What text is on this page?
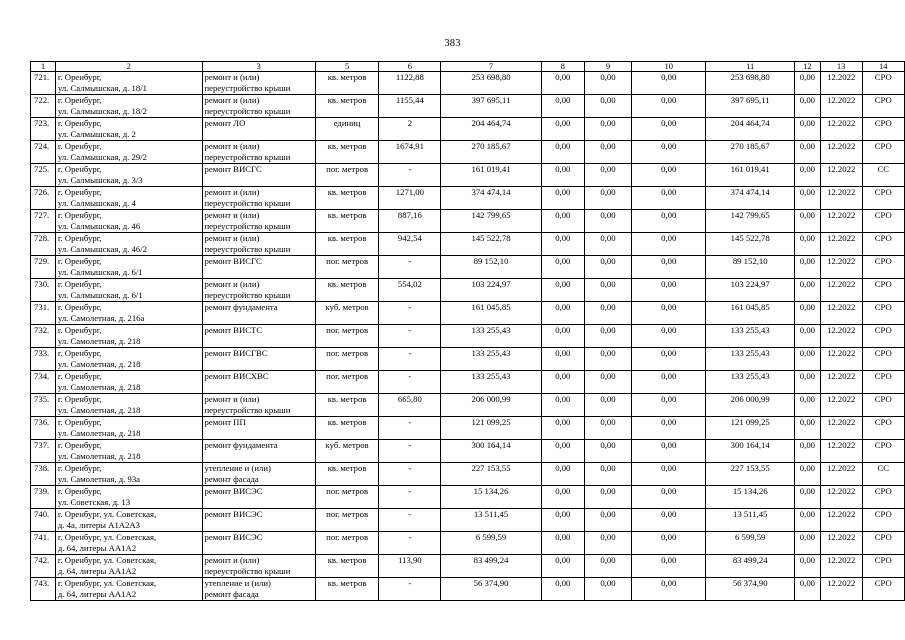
383
1	2	3	5	6	7	8	9	10	11	12	13	14
721.	г. Оренбург,
ул. Салмышская, д. 18/1	ремонт и (или)
переустройство крыши	кв. метров	1122,88	253 698,80	0,00	0,00	0,00	253 698,80	0,00	12.2022	СРО
722.	г. Оренбург,
ул. Салмышская, д. 18/2	ремонт и (или)
переустройство крыши	кв. метров	1155,44	397 695,11	0,00	0,00	0,00	397 695,11	0,00	12.2022	СРО
723.	г. Оренбург,
ул. Салмышская, д. 2	ремонт ЛО	единиц	2	204 464,74	0,00	0,00	0,00	204 464,74	0,00	12.2022	СРО
724.	г. Оренбург,
ул. Салмышская, д. 29/2	ремонт и (или)
переустройство крыши	кв. метров	1674,91	270 185,67	0,00	0,00	0,00	270 185,67	0,00	12.2022	СРО
725.	г. Оренбург,
ул. Салмышская, д. 3/3	ремонт ВИСГС	пог. метров	-	161 019,41	0,00	0,00	0,00	161 019,41	0,00	12.2022	СС
726.	г. Оренбург,
ул. Салмышская, д. 4	ремонт и (или)
переустройство крыши	кв. метров	1271,00	374 474,14	0,00	0,00	0,00	374 474,14	0,00	12.2022	СРО
727.	г. Оренбург,
ул. Салмышская, д. 46	ремонт и (или)
переустройство крыши	кв. метров	887,16	142 799,65	0,00	0,00	0,00	142 799,65	0,00	12.2022	СРО
728.	г. Оренбург,
ул. Салмышская, д. 46/2	ремонт и (или)
переустройство крыши	кв. метров	942,54	145 522,78	0,00	0,00	0,00	145 522,78	0,00	12.2022	СРО
729.	г. Оренбург,
ул. Салмышская, д. 6/1	ремонт ВИСГС	пог. метров	-	89 152,10	0,00	0,00	0,00	89 152,10	0,00	12.2022	СРО
730.	г. Оренбург,
ул. Салмышская, д. 6/1	ремонт и (или)
переустройство крыши	кв. метров	554,02	103 224,97	0,00	0,00	0,00	103 224,97	0,00	12.2022	СРО
731.	г. Оренбург,
ул. Самолетная, д. 216а	ремонт фундамента	куб. метров	-	161 045,85	0,00	0,00	0,00	161 045,85	0,00	12.2022	СРО
732.	г. Оренбург,
ул. Самолетная, д. 218	ремонт ВИСТС	пог. метров	-	133 255,43	0,00	0,00	0,00	133 255,43	0,00	12.2022	СРО
733.	г. Оренбург,
ул. Самолетная, д. 218	ремонт ВИСГВС	пог. метров	-	133 255,43	0,00	0,00	0,00	133 255,43	0,00	12.2022	СРО
734.	г. Оренбург,
ул. Самолетная, д. 218	ремонт ВИСХВС	пог. метров	-	133 255,43	0,00	0,00	0,00	133 255,43	0,00	12.2022	СРО
735.	г. Оренбург,
ул. Самолетная, д. 218	ремонт и (или)
переустройство крыши	кв. метров	665,80	206 000,99	0,00	0,00	0,00	206 000,99	0,00	12.2022	СРО
736.	г. Оренбург,
ул. Самолетная, д. 218	ремонт ПП	кв. метров	-	121 099,25	0,00	0,00	0,00	121 099,25	0,00	12.2022	СРО
737.	г. Оренбург,
ул. Самолетная, д. 218	ремонт фундамента	куб. метров	-	300 164,14	0,00	0,00	0,00	300 164,14	0,00	12.2022	СРО
738.	г. Оренбург,
ул. Самолетная, д. 93а	утепление и (или)
ремонт фасада	кв. метров	-	227 153,55	0,00	0,00	0,00	227 153,55	0,00	12.2022	СС
739.	г. Оренбург,
ул. Советская, д. 13	ремонт ВИСЭС	пог. метров	-	15 134,26	0,00	0,00	0,00	15 134,26	0,00	12.2022	СРО
740.	г. Оренбург, ул. Советская,
д. 4а, литеры А1А2А3	ремонт ВИСЭС	пог. метров	-	13 511,45	0,00	0,00	0,00	13 511,45	0,00	12.2022	СРО
741.	г. Оренбург, ул. Советская,
д. 64, литеры АА1А2	ремонт ВИСЭС	пог. метров	-	6 599,59	0,00	0,00	0,00	6 599,59	0,00	12.2022	СРО
742.	г. Оренбург, ул. Советская,
д. 64, литеры АА1А2	ремонт и (или)
переустройство крыши	кв. метров	113,90	83 499,24	0,00	0,00	0,00	83 499,24	0,00	12.2022	СРО
743.	г. Оренбург, ул. Советская,
д. 64, литеры АА1А2	утепление и (или)
ремонт фасада	кв. метров	-	56 374,90	0,00	0,00	0,00	56 374,90	0,00	12.2022	СРО
